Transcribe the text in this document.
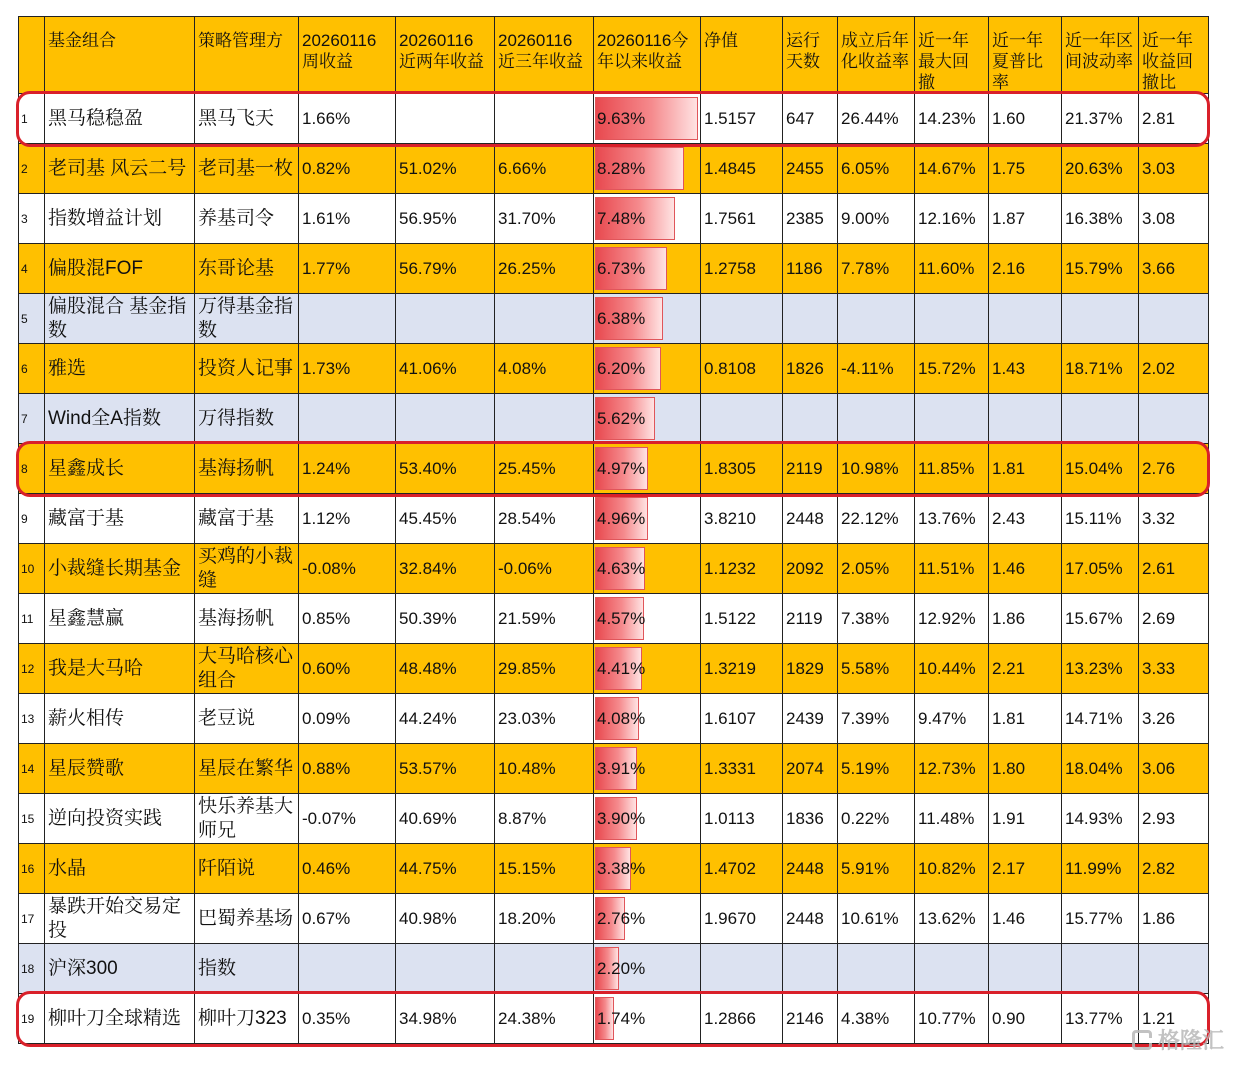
	基金组合	策略管理方	20260116 周收益	20260116 近两年收益	20260116 近三年收益	20260116今年以来收益	净值	运行天数	成立后年化收益率	近一年最大回撤	近一年夏普比率	近一年区间波动率	近一年收益回撤比
1	黑马稳稳盈	黑马飞天	1.66%			9.63%	1.5157	647	26.44%	14.23%	1.60	21.37%	2.81
2	老司基 风云二号	老司基一枚	0.82%	51.02%	6.66%	8.28%	1.4845	2455	6.05%	14.67%	1.75	20.63%	3.03
3	指数增益计划	养基司令	1.61%	56.95%	31.70%	7.48%	1.7561	2385	9.00%	12.16%	1.87	16.38%	3.08
4	偏股混FOF	东哥论基	1.77%	56.79%	26.25%	6.73%	1.2758	1186	7.78%	11.60%	2.16	15.79%	3.66
5	偏股混合 基金指数	万得基金指数				6.38%							
6	雅选	投资人记事	1.73%	41.06%	4.08%	6.20%	0.8108	1826	-4.11%	15.72%	1.43	18.71%	2.02
7	Wind全A指数	万得指数				5.62%							
8	星鑫成长	基海扬帆	1.24%	53.40%	25.45%	4.97%	1.8305	2119	10.98%	11.85%	1.81	15.04%	2.76
9	藏富于基	藏富于基	1.12%	45.45%	28.54%	4.96%	3.8210	2448	22.12%	13.76%	2.43	15.11%	3.32
10	小裁缝长期基金	买鸡的小裁缝	-0.08%	32.84%	-0.06%	4.63%	1.1232	2092	2.05%	11.51%	1.46	17.05%	2.61
11	星鑫慧赢	基海扬帆	0.85%	50.39%	21.59%	4.57%	1.5122	2119	7.38%	12.92%	1.86	15.67%	2.69
12	我是大马哈	大马哈核心组合	0.60%	48.48%	29.85%	4.41%	1.3219	1829	5.58%	10.44%	2.21	13.23%	3.33
13	薪火相传	老豆说	0.09%	44.24%	23.03%	4.08%	1.6107	2439	7.39%	9.47%	1.81	14.71%	3.26
14	星辰赞歌	星辰在繁华	0.88%	53.57%	10.48%	3.91%	1.3331	2074	5.19%	12.73%	1.80	18.04%	3.06
15	逆向投资实践	快乐养基大师兄	-0.07%	40.69%	8.87%	3.90%	1.0113	1836	0.22%	11.48%	1.91	14.93%	2.93
16	水晶	阡陌说	0.46%	44.75%	15.15%	3.38%	1.4702	2448	5.91%	10.82%	2.17	11.99%	2.82
17	暴跌开始交易定投	巴蜀养基场	0.67%	40.98%	18.20%	2.76%	1.9670	2448	10.61%	13.62%	1.46	15.77%	1.86
18	沪深300	指数				2.20%							
19	柳叶刀全球精选	柳叶刀323	0.35%	34.98%	24.38%	1.74%	1.2866	2146	4.38%	10.77%	0.90	13.77%	1.21
格隆汇
